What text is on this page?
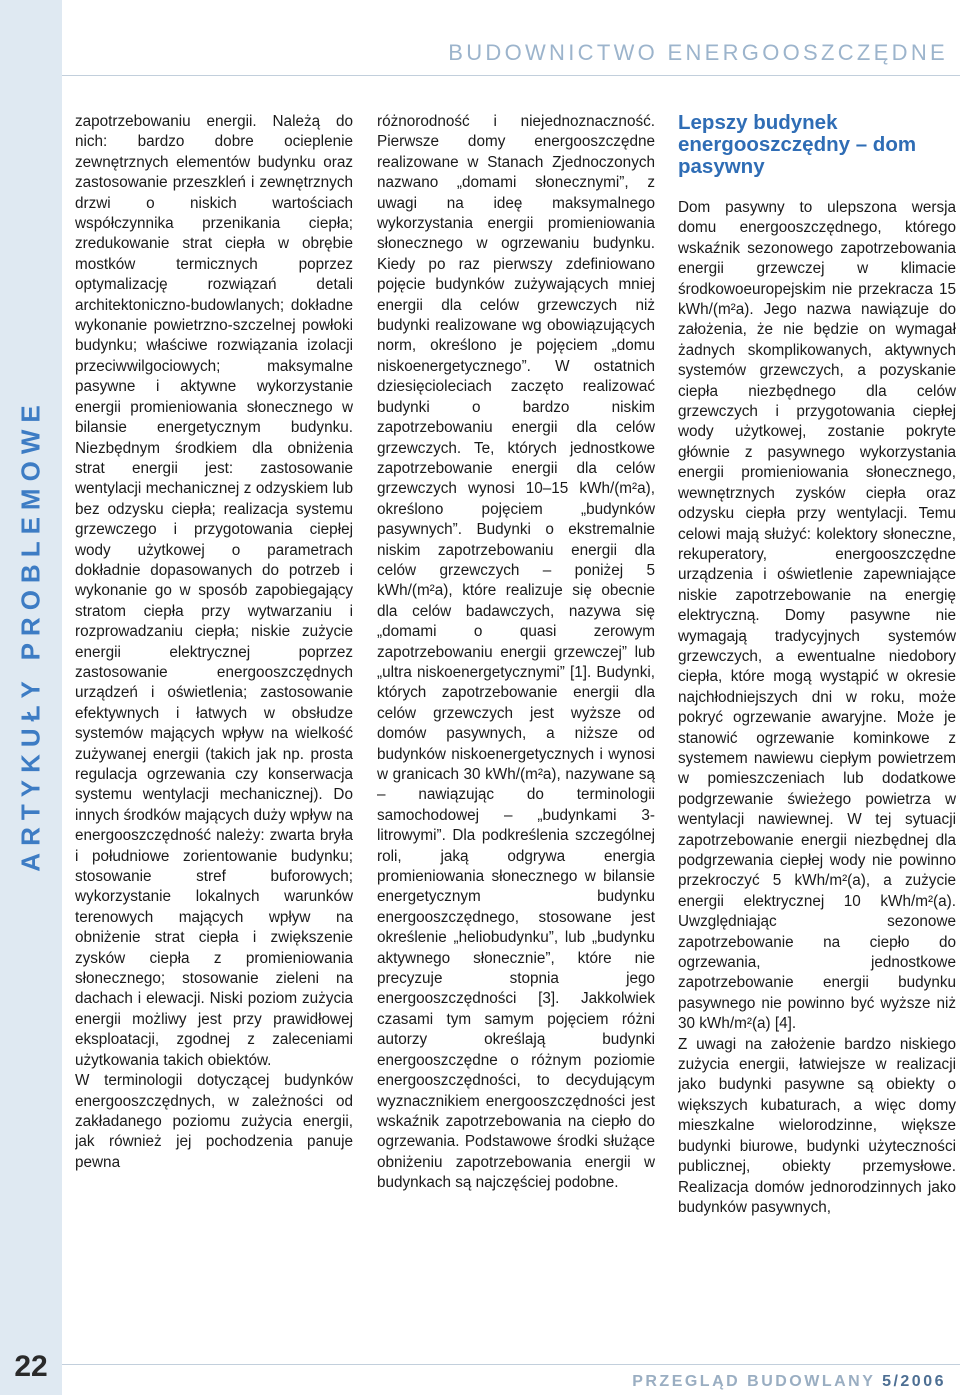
ARTYKUŁY PROBLEMOWE
22
BUDOWNICTWO ENERGOOSZCZĘDNE

zapotrzebowaniu energii. Należą do nich: bardzo dobre ocieplenie zewnętrznych elementów budynku oraz zastosowanie przeszkleń i zewnętrznych drzwi o niskich wartościach współczynnika przenikania ciepła; zredukowanie strat ciepła w obrębie mostków termicznych poprzez optymalizację rozwiązań detali architektoniczno-budowlanych; dokładne wykonanie powietrzno-szczelnej powłoki budynku; właściwe rozwiązania izolacji przeciwwilgociowych; maksymalne pasywne i aktywne wykorzystanie energii promieniowania słonecznego w bilansie energetycznym budynku. Niezbędnym środkiem dla obniżenia strat energii jest: zastosowanie wentylacji mechanicznej z odzyskiem lub bez odzysku ciepła; realizacja systemu grzewczego i przygotowania ciepłej wody użytkowej o parametrach dokładnie dopasowanych do potrzeb i wykonanie go w sposób zapobiegający stratom ciepła przy wytwarzaniu i rozprowadzaniu ciepła; niskie zużycie energii elektrycznej poprzez zastosowanie energooszczędnych urządzeń i oświetlenia; zastosowanie efektywnych i łatwych w obsłudze systemów mających wpływ na wielkość zużywanej energii (takich jak np. prosta regulacja ogrzewania czy konserwacja systemu wentylacji mechanicznej). Do innych środków mających duży wpływ na energooszczędność należy: zwarta bryła i południowe zorientowanie budynku; stosowanie stref buforowych; wykorzystanie lokalnych warunków terenowych mających wpływ na obniżenie strat ciepła i zwiększenie zysków ciepła z promieniowania słonecznego; stosowanie zieleni na dachach i elewacji. Niski poziom zużycia energii możliwy jest przy prawidłowej eksploatacji, zgodnej z zaleceniami użytkowania takich obiektów.

W terminologii dotyczącej budynków energooszczędnych, w zależności od zakładanego poziomu zużycia energii, jak również jej pochodzenia panuje pewna

różnorodność i niejednoznaczność. Pierwsze domy energooszczędne realizowane w Stanach Zjednoczonych nazwano „domami słonecznymi”, z uwagi na ideę maksymalnego wykorzystania energii promieniowania słonecznego w ogrzewaniu budynku. Kiedy po raz pierwszy zdefiniowano pojęcie budynków zużywających mniej energii dla celów grzewczych niż budynki realizowane wg obowiązujących norm, określono je pojęciem „domu niskoenergetycznego”. W ostatnich dziesięcioleciach zaczęto realizować budynki o bardzo niskim zapotrzebowaniu energii dla celów grzewczych. Te, których jednostkowe zapotrzebowanie energii dla celów grzewczych wynosi 10–15 kWh/(m²a), określono pojęciem „budynków pasywnych”. Budynki o ekstremalnie niskim zapotrzebowaniu energii dla celów grzewczych – poniżej 5 kWh/(m²a), które realizuje się obecnie dla celów badawczych, nazywa się „domami o quasi zerowym zapotrzebowaniu energii grzewczej” lub „ultra niskoenergetycznymi” [1]. Budynki, których zapotrzebowanie energii dla celów grzewczych jest wyższe od domów pasywnych, a niższe od budynków niskoenergetycznych i wynosi w granicach 30 kWh/(m²a), nazywane są – nawiązując do terminologii samochodowej – „budynkami 3-litrowymi”. Dla podkreślenia szczególnej roli, jaką odgrywa energia promieniowania słonecznego w bilansie energetycznym budynku energooszczędnego, stosowane jest określenie „heliobudynku”, lub „budynku aktywnego słonecznie”, które nie precyzuje stopnia jego energooszczędności [3]. Jakkolwiek czasami tym samym pojęciem różni autorzy określają budynki energooszczędne o różnym poziomie energooszczędności, to decydującym wyznacznikiem energooszczędności jest wskaźnik zapotrzebowania na ciepło do ogrzewania. Podstawowe środki służące obniżeniu zapotrzebowania energii w budynkach są najczęściej podobne.

Lepszy budynek energooszczędny – dom pasywny

Dom pasywny to ulepszona wersja domu energooszczędnego, którego wskaźnik sezonowego zapotrzebowania energii grzewczej w klimacie środkowoeuropejskim nie przekracza 15 kWh/(m²a). Jego nazwa nawiązuje do założenia, że nie będzie on wymagał żadnych skomplikowanych, aktywnych systemów grzewczych, a pozyskanie ciepła niezbędnego dla celów grzewczych i przygotowania ciepłej wody użytkowej, zostanie pokryte głównie z pasywnego wykorzystania energii promieniowania słonecznego, wewnętrznych zysków ciepła oraz odzysku ciepła przy wentylacji. Temu celowi mają służyć: kolektory słoneczne, rekuperatory, energooszczędne urządzenia i oświetlenie zapewniające niskie zapotrzebowanie na energię elektryczną. Domy pasywne nie wymagają tradycyjnych systemów grzewczych, a ewentualne niedobory ciepła, które mogą wystąpić w okresie najchłodniejszych dni w roku, może pokryć ogrzewanie awaryjne. Może je stanowić ogrzewanie kominkowe z systemem nawiewu ciepłym powietrzem w pomieszczeniach lub dodatkowe podgrzewanie świeżego powietrza w wentylacji nawiewnej. W tej sytuacji zapotrzebowanie energii niezbędnej dla podgrzewania ciepłej wody nie powinno przekroczyć 5 kWh/m²(a), a zużycie energii elektrycznej 10 kWh/m²(a). Uwzględniając sezonowe zapotrzebowanie na ciepło do ogrzewania, jednostkowe zapotrzebowanie energii budynku pasywnego nie powinno być wyższe niż 30 kWh/m²(a) [4].

Z uwagi na założenie bardzo niskiego zużycia energii, łatwiejsze w realizacji jako budynki pasywne są obiekty o większych kubaturach, a więc domy mieszkalne wielorodzinne, większe budynki biurowe, budynki użyteczności publicznej, obiekty przemysłowe. Realizacja domów jednorodzinnych jako budynków pasywnych,

PRZEGLĄD BUDOWLANY 5/2006
